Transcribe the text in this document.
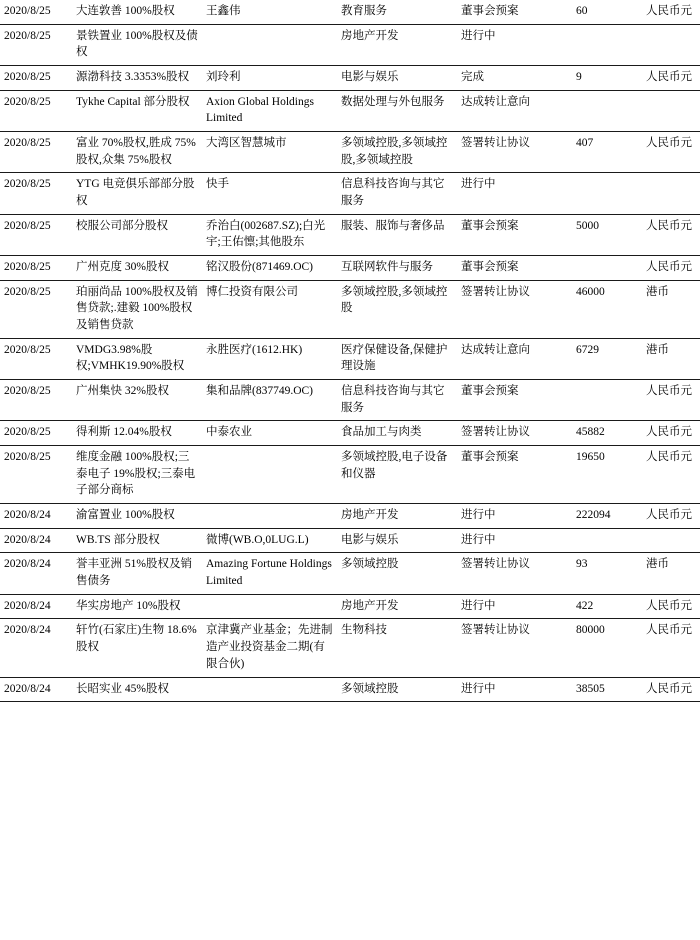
2020/8/25	大连敦善 100%股权	王鑫伟	教育服务	董事会预案	60	人民币元
2020/8/25	景铁置业 100%股权及债权		房地产开发	进行中		
2020/8/25	源渤科技 3.3353%股权	刘玲利	电影与娱乐	完成	9	人民币元
2020/8/25	Tykhe Capital 部分股权	Axion Global Holdings Limited	数据处理与外包服务	达成转让意向		
2020/8/25	富业 70%股权,胜成 75%股权,众集 75%股权	大湾区智慧城市	多领域控股,多领域控股,多领域控股	签署转让协议	407	人民币元
2020/8/25	YTG 电竞俱乐部部分股权	快手	信息科技咨询与其它服务	进行中		
2020/8/25	校服公司部分股权	乔治白(002687.SZ);白光宇;王佑懔;其他股东	服装、服饰与奢侈品	董事会预案	5000	人民币元
2020/8/25	广州克度 30%股权	铭汉股份(871469.OC)	互联网软件与服务	董事会预案		人民币元
2020/8/25	珀丽尚品 100%股权及销售贷款;.建毅 100%股权及销售贷款	博仁投资有限公司	多领域控股,多领域控股	签署转让协议	46000	港币
2020/8/25	VMDG3.98%股权;VMHK19.90%股权	永胜医疗(1612.HK)	医疗保健设备,保健护理设施	达成转让意向	6729	港币
2020/8/25	广州集快 32%股权	集和品牌(837749.OC)	信息科技咨询与其它服务	董事会预案		人民币元
2020/8/25	得利斯 12.04%股权	中泰农业	食品加工与肉类	签署转让协议	45882	人民币元
2020/8/25	维度金融 100%股权;三泰电子 19%股权;三泰电子部分商标		多领域控股,电子设备和仪器	董事会预案	19650	人民币元
2020/8/24	渝富置业 100%股权		房地产开发	进行中	222094	人民币元
2020/8/24	WB.TS 部分股权	微博(WB.O,0LUG.L)	电影与娱乐	进行中		
2020/8/24	誉丰亚洲 51%股权及销售债务	Amazing Fortune Holdings Limited	多领域控股	签署转让协议	93	港币
2020/8/24	华实房地产 10%股权		房地产开发	进行中	422	人民币元
2020/8/24	轩竹(石家庄)生物 18.6%股权	京津冀产业基金；先进制造产业投资基金二期(有限合伙)	生物科技	签署转让协议	80000	人民币元
2020/8/24	长昭实业 45%股权		多领域控股	进行中	38505	人民币元
